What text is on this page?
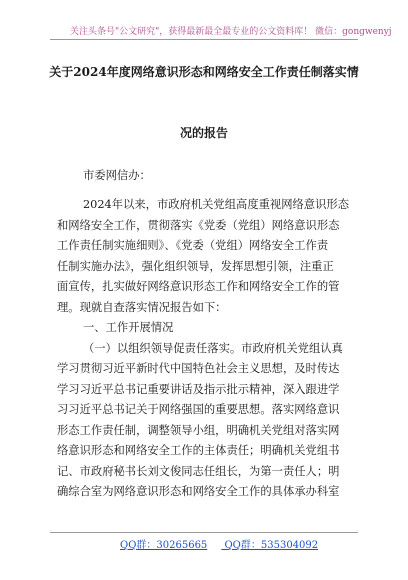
关注头条号"公文研究"，获得最新最全最专业的公文资料库！ 微信：gongwenyj
关于2024年度网络意识形态和网络安全工作责任制落实情
况的报告
市委网信办：
2024年以来，市政府机关党组高度重视网络意识形态
和网络安全工作，贯彻落实《党委（党组）网络意识形态
工作责任制实施细则》、《党委（党组）网络安全工作责
任制实施办法》，强化组织领导，发挥思想引领，注重正
面宣传，扎实做好网络意识形态工作和网络安全工作的管
理。现就自查落实情况报告如下：
一、工作开展情况
（一）以组织领导促责任落实。市政府机关党组认真
学习贯彻习近平新时代中国特色社会主义思想，及时传达
学习习近平总书记重要讲话及指示批示精神，深入跟进学
习习近平总书记关于网络强国的重要思想。落实网络意识
形态工作责任制，调整领导小组，明确机关党组对落实网
络意识形态和网络安全工作的主体责任；明确机关党组书
记、市政府秘书长刘文俊同志任组长，为第一责任人；明
确综合室为网络意识形态和网络安全工作的具体承办科室
QQ群：30265665 QQ群：535304092
